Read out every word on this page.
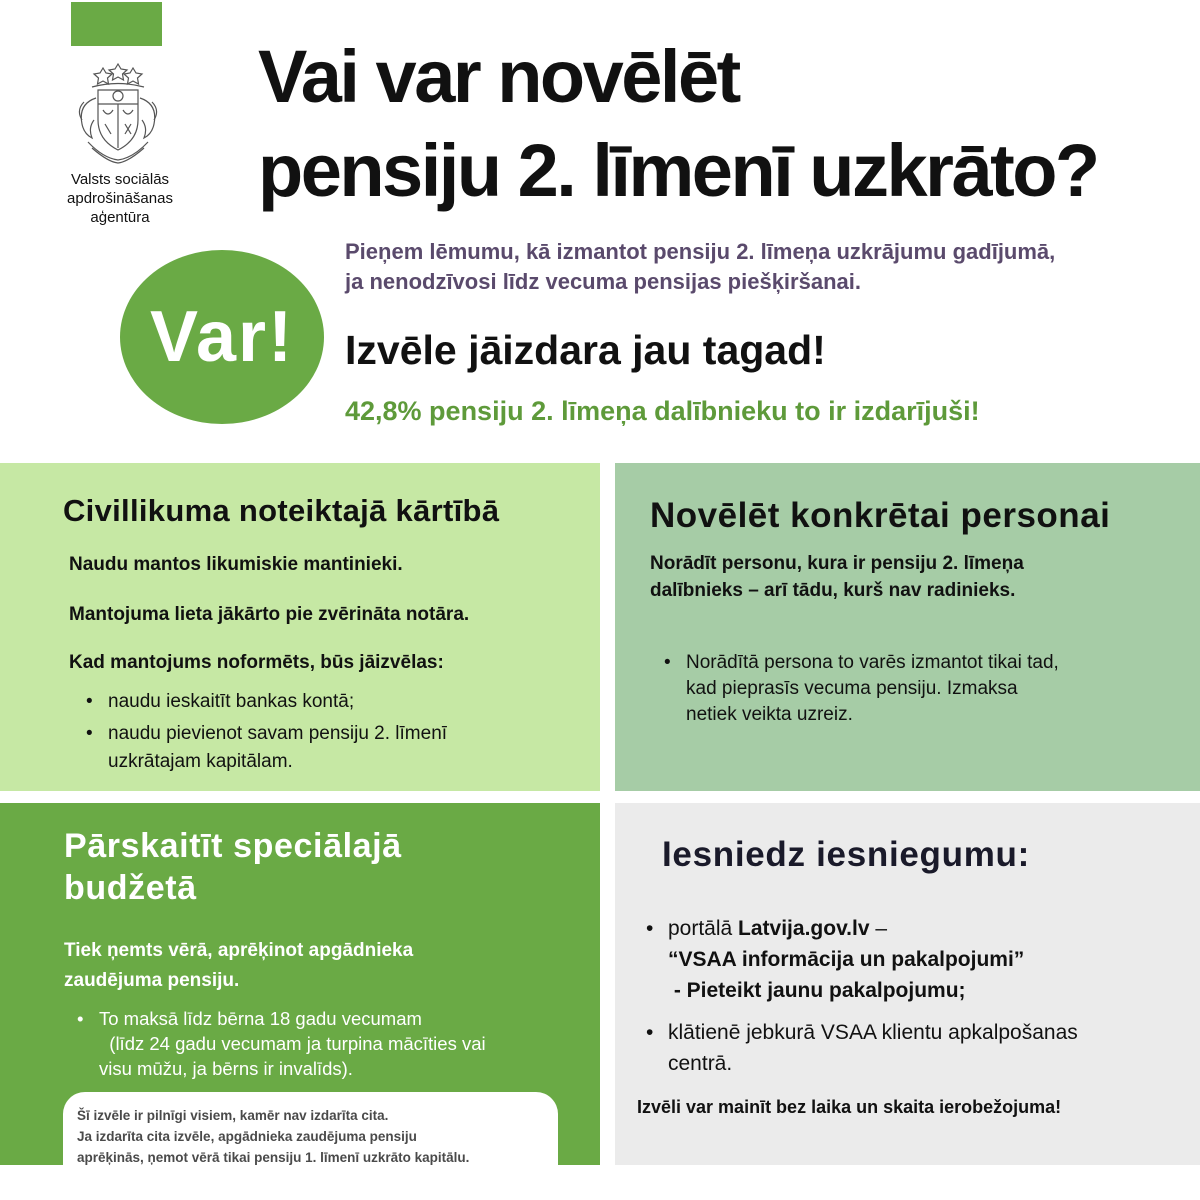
Valsts sociālās
apdrošināšanas
aģentūra
Vai var novēlēt
pensiju 2. līmenī uzkrāto?
Var!
Pieņem lēmumu, kā izmantot pensiju 2. līmeņa uzkrājumu gadījumā,
ja nenodzīvosi līdz vecuma pensijas piešķiršanai.
Izvēle jāizdara jau tagad!
42,8% pensiju 2. līmeņa dalībnieku to ir izdarījuši!
Civillikuma noteiktajā kārtībā
Naudu mantos likumiskie mantinieki.
Mantojuma lieta jākārto pie zvērināta notāra.
Kad mantojums noformēts, būs jāizvēlas:
• naudu ieskaitīt bankas kontā;
• naudu pievienot savam pensiju 2. līmenī
uzkrātajam kapitālam.
Novēlēt konkrētai personai
Norādīt personu, kura ir pensiju 2. līmeņa
dalībnieks – arī tādu, kurš nav radinieks.
• Norādītā persona to varēs izmantot tikai tad,
kad pieprasīs vecuma pensiju. Izmaksa
netiek veikta uzreiz.
Pārskaitīt speciālajā
budžetā
Tiek ņemts vērā, aprēķinot apgādnieka
zaudējuma pensiju.
• To maksā līdz bērna 18 gadu vecumam
(līdz 24 gadu vecumam ja turpina mācīties vai
visu mūžu, ja bērns ir invalīds).
Šī izvēle ir pilnīgi visiem, kamēr nav izdarīta cita.
Ja izdarīta cita izvēle, apgādnieka zaudējuma pensiju
aprēķinās, ņemot vērā tikai pensiju 1. līmenī uzkrāto kapitālu.
Iesniedz iesniegumu:
• portālā Latvija.gov.lv –
“VSAA informācija un pakalpojumi”
- Pieteikt jaunu pakalpojumu;
• klātienē jebkurā VSAA klientu apkalpošanas
centrā.
Izvēli var mainīt bez laika un skaita ierobežojuma!
